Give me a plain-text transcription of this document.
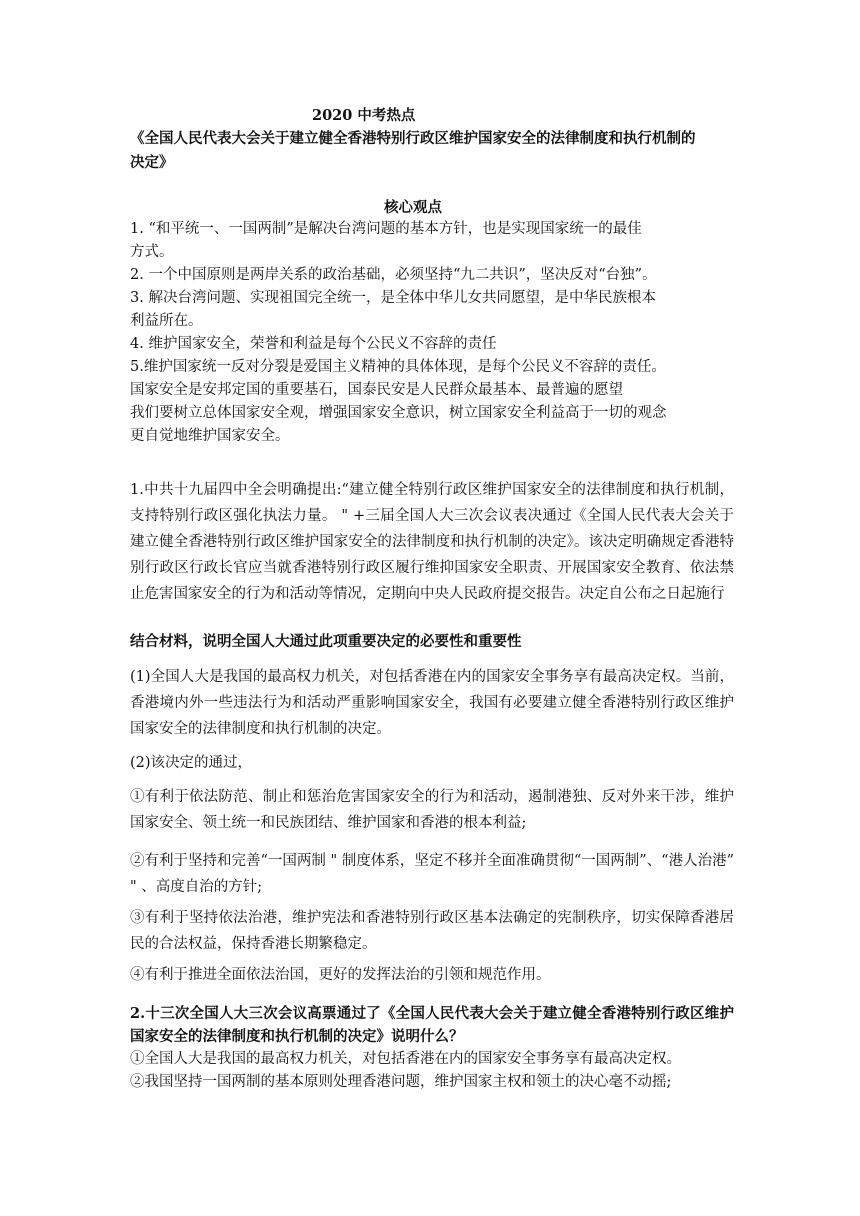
2020 中考热点
《全国人民代表大会关于建立健全香港特别行政区维护国家安全的法律制度和执行机制的
决定》
核心观点
1. “和平统一、一国两制”是解决台湾问题的基本方针，也是实现国家统一的最佳
方式。
2. 一个中国原则是两岸关系的政治基础，必须坚持“九二共识”，坚决反对“台独”。
3. 解决台湾问题、实现祖国完全统一，是全体中华儿女共同愿望，是中华民族根本
利益所在。
4. 维护国家安全，荣誉和利益是每个公民义不容辞的责任
5.维护国家统一反对分裂是爱国主义精神的具体体现，是每个公民义不容辞的责任。
国家安全是安邦定国的重要基石，国泰民安是人民群众最基本、最普遍的愿望
我们要树立总体国家安全观，增强国家安全意识，树立国家安全利益高于一切的观念
更自觉地维护国家安全。
1.中共十九届四中全会明确提出:“建立健全特别行政区维护国家安全的法律制度和执行机制，支持特别行政区强化执法力量。 " +三届全国人大三次会议表决通过《全国人民代表大会关于建立健全香港特别行政区维护国家安全的法律制度和执行机制的决定》。该决定明确规定香港特别行政区行政长官应当就香港特别行政区履行维抑国家安全职责、开展国家安全教育、依法禁止危害国家安全的行为和活动等情况，定期向中央人民政府提交报告。决定自公布之日起施行
结合材料，说明全国人大通过此项重要决定的必要性和重要性
(1)全国人大是我国的最高权力机关，对包括香港在内的国家安全事务享有最高决定权。当前，香港境内外一些违法行为和活动严重影响国家安全，我国有必要建立健全香港特别行政区维护国家安全的法律制度和执行机制的决定。
(2)该决定的通过，
①有利于依法防范、制止和惩治危害国家安全的行为和活动，遏制港独、反对外来干涉，维护国家安全、领土统一和民族团结、维护国家和香港的根本利益;
②有利于坚持和完善“一国两制 " 制度体系，坚定不移并全面准确贯彻“一国两制”、“港人治港” " 、高度自治的方针;
③有利于坚持依法治港，维护宪法和香港特别行政区基本法确定的宪制秩序，切实保障香港居民的合法权益，保持香港长期繁稳定。
④有利于推进全面依法治国，更好的发挥法治的引领和规范作用。
2.十三次全国人大三次会议高票通过了《全国人民代表大会关于建立健全香港特别行政区维护国家安全的法律制度和执行机制的决定》说明什么？
①全国人大是我国的最高权力机关，对包括香港在内的国家安全事务享有最高决定权。
②我国坚持一国两制的基本原则处理香港问题，维护国家主权和领土的决心毫不动摇;
